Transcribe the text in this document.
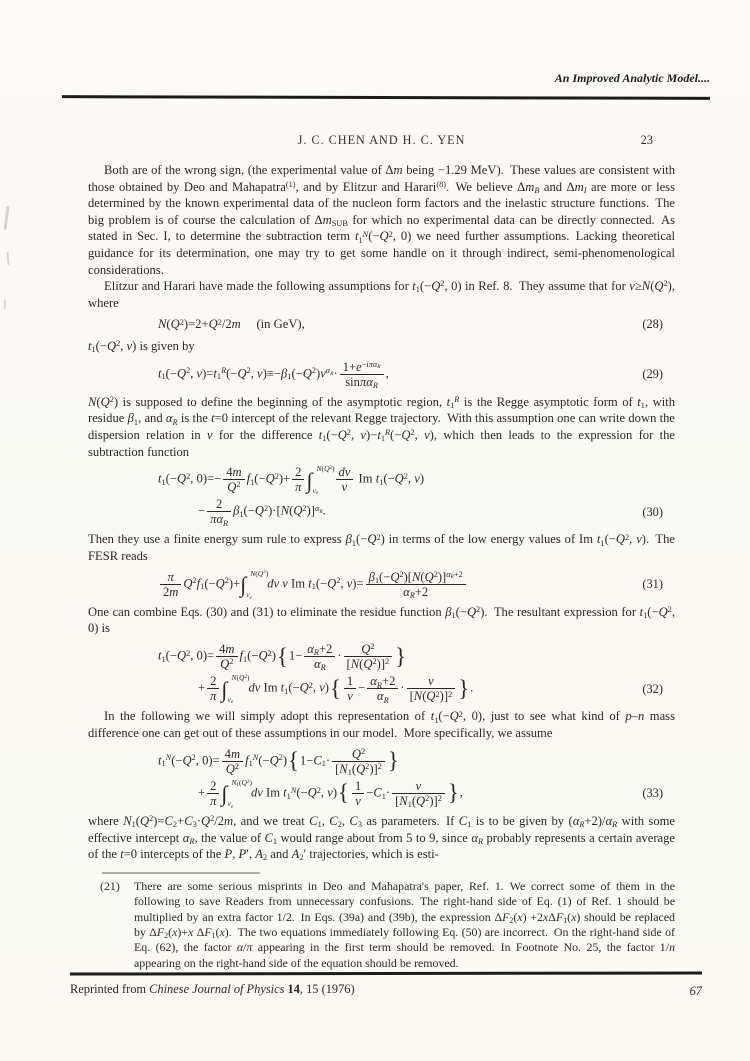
An Improved Analytic Model....
J. C. CHEN AND H. C. YEN	23

Both are of the wrong sign, (the experimental value of Δm being −1.29 MeV). These values are consistent with those obtained by Deo and Mahapatra$^{(1)}$, and by Elitzur and Harari$^{(8)}$. We believe $\Delta m_B$ and $\Delta m_I$ are more or less determined by the known experimental data of the nucleon form factors and the inelastic structure functions. The big problem is of course the calculation of $\Delta m_{SUB}$ for which no experimental data can be directly connected. As stated in Sec. I, to determine the subtraction term $t_1^N(-Q^2$, 0) we need further assumptions. Lacking theoretical guidance for its determination, one may try to get some handle on it through indirect, semi-phenomenological considerations.

Elitzur and Harari have made the following assumptions for $t_1(-Q^2$, 0) in Ref. 8. They assume that for $\nu\ge N(Q^2)$, where

$N(Q^2)=2+Q^2/2m$     (in GeV),	(28)

$t_1(-Q^2$, ν) is given by

$t_1(-Q^2$, $\nu)=t_1^R(-Q^2$, $\nu)\equiv-\beta_1(-Q^2)\nu^{\alpha_R}\cdot 1+e^{-i\pi\alpha_R}$
sinπα$_R$
,	(29)

$N(Q^2)$ is supposed to define the beginning of the asymptotic region, $t_1^R$ is the Regge asymptotic form of $t_1$, with residue $\beta_1$, and $\alpha_R$ is the t=0 intercept of the relevant Regge trajectory. With this assumption one can write down the dispersion relation in ν for the difference $t_1(-Q^2$, $\nu)-t_1^R(-Q^2$, ν), which then leads to the expression for the subtraction function

$t_1(-Q^2$, $0)=- \frac{4m}{Q^2} f_1(-Q^2)+ \frac{2}{\pi}$ ∫ $N(Q^2)$
$\nu_e$	$\frac{d\nu}{\nu}$ Im $t_1(-Q^2$, ν)
− 2
$\pi\alpha_R$
$\beta_1(-Q^2)\cdot[N(Q^2)]^{\alpha_R}$.	(30)

Then they use a finite energy sum rule to express $\beta_1(-Q^2)$ in terms of the low energy values of Im $t_1(-Q^2$, ν). The FESR reads

$\frac{\pi}{2m} Q^2f_1(-Q^2)+\int$ $N(Q^2)$
$\nu_e$
dν ν Im $t_1(-Q^2$, $\nu)= \frac{\beta_1(-Q^2)[N(Q^2)]^{\alpha_R+2}}{\alpha_R+2}$	(31)

One can combine Eqs. (30) and (31) to eliminate the residue function $\beta_1(-Q^2)$. The resultant expression for $t_1(-Q^2$, 0) is

$t_1(-Q^2$, $0)= \frac{4m}{Q^2} f_1(-Q^2)\{1- \frac{\alpha_R+2}{\alpha_R} \cdot \frac{Q^2}{[N(Q^2)]^2}$ }
+ $\frac{2}{\pi}$ ∫ $N(Q^2)$
$\nu_e$
dν Im $t_1(-Q^2$, $\nu)\{ \frac{1}{\nu} - \frac{\alpha_R+2}{\alpha_R} \cdot \frac{\nu}{[N(Q^2)]^2}$ }.	(32)

In the following we will simply adopt this representation of $t_1(-Q^2$, 0), just to see what kind of p–n mass difference one can get out of these assumptions in our model. More specifically, we assume

$t_1^N(-Q^2$, $0)= \frac{4m}{Q^2} f_1^N(-Q^2)\{1-C_1\cdot \frac{Q^2}{[N_1(Q^2)]^2}$ }
+ $\frac{2}{\pi}$ ∫ $N_1(Q^2)$
$\nu_e$
dν Im $t_1^N(-Q^2$, $\nu)\{ \frac{1}{\nu} -C_1\cdot \frac{\nu}{[N_1(Q^2)]^2}$ },	(33)

where $N_1(Q^2)=C_2+C_3\cdot Q^2/2m$, and we treat $C_1$, $C_2$, $C_3$ as parameters. If $C_1$ is to be given by $(\alpha_R+2)/\alpha_R$ with some effective intercept $\alpha_R$, the value of $C_1$ would range about from 5 to 9, since $\alpha_R$ probably represents a certain average of the t=0 intercepts of the P, P′, $A_2$ and $A_2'$ trajectories, which is esti-

(21)	There are some serious misprints in Deo and Mahapatra's paper, Ref. 1. We correct some of them in the following to save Readers from unnecessary confusions. The right-hand side of Eq. (1) of Ref. 1 should be multiplied by an extra factor 1/2. In Eqs. (39a) and (39b), the expression $\Delta F_2(x) +2x\Delta F_1(x)$ should be replaced by $\Delta F_2(x)+x$ $\Delta F_1(x)$. The two equations immediately following Eq. (50) are incorrect. On the right-hand side of Eq. (62), the factor α/π appearing in the first term should be removed. In Footnote No. 25, the factor 1/n appearing on the right-hand side of the equation should be removed.
Reprinted from Chinese Journal of Physics 14, 15 (1976)	67
